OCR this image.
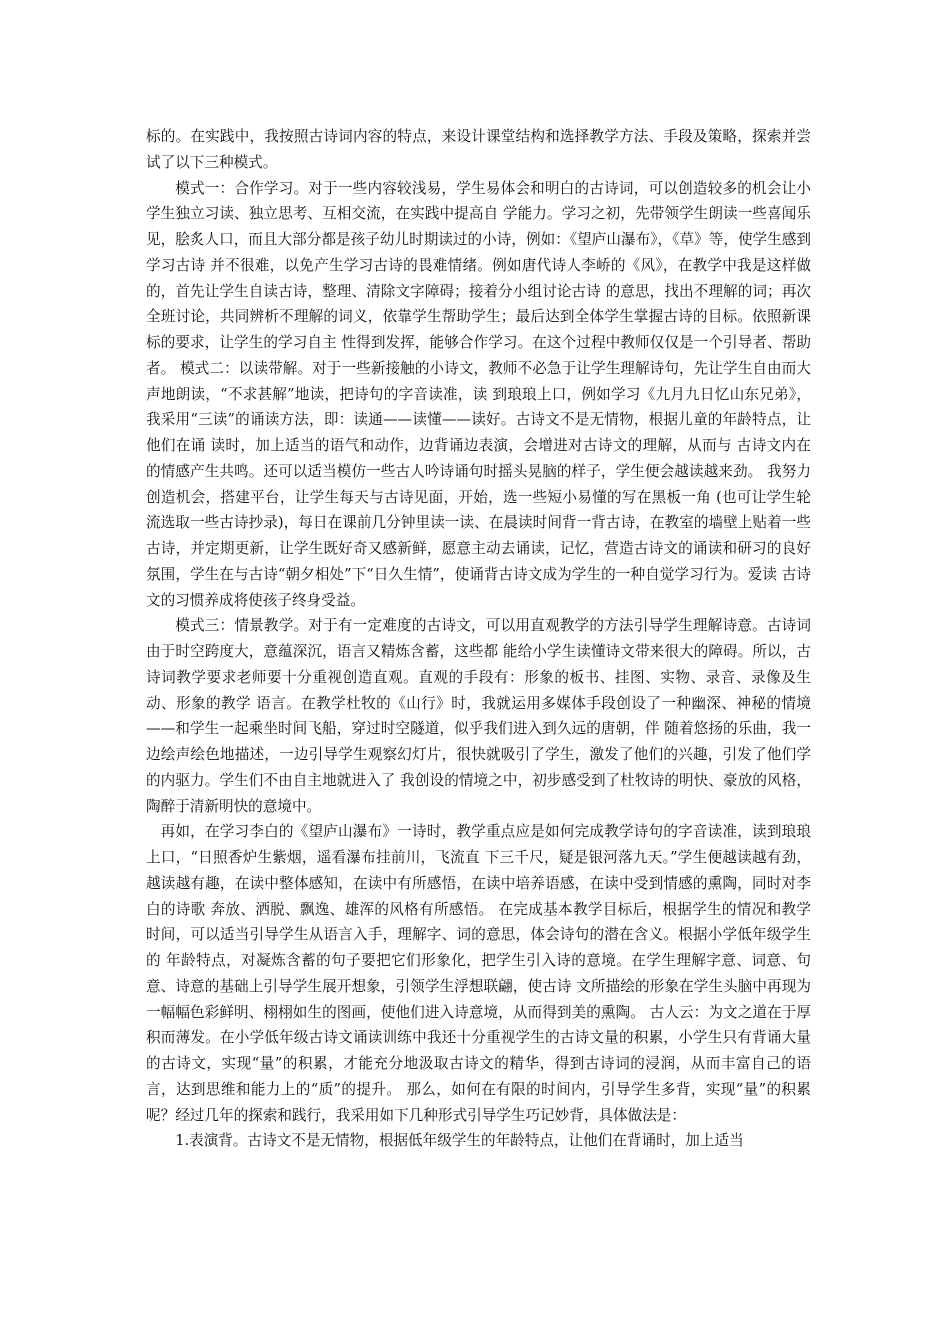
标的。在实践中，我按照古诗词内容的特点，来设计课堂结构和选择教学方法、手段及策略，探索并尝试了以下三种模式。

模式一：合作学习。对于一些内容较浅易，学生易体会和明白的古诗词，可以创造较多的机会让小学生独立习读、独立思考、互相交流，在实践中提高自 学能力。学习之初，先带领学生朗读一些喜闻乐见，脍炙人口，而且大部分都是孩子幼儿时期读过的小诗，例如：《望庐山瀑布》，《草》等，使学生感到学习古诗 并不很难，以免产生学习古诗的畏难情绪。例如唐代诗人李峤的《风》，在教学中我是这样做的，首先让学生自读古诗，整理、清除文字障碍；接着分小组讨论古诗 的意思，找出不理解的词；再次全班讨论，共同辨析不理解的词义，依靠学生帮助学生；最后达到全体学生掌握古诗的目标。依照新课标的要求，让学生的学习自主 性得到发挥，能够合作学习。在这个过程中教师仅仅是一个引导者、帮助者。 模式二：以读带解。对于一些新接触的小诗文，教师不必急于让学生理解诗句，先让学生自由而大声地朗读，“不求甚解”地读，把诗句的字音读准，读 到琅琅上口，例如学习《九月九日忆山东兄弟》，我采用“三读”的诵读方法，即：读通——读懂——读好。古诗文不是无情物，根据儿童的年龄特点，让他们在诵 读时，加上适当的语气和动作，边背诵边表演，会增进对古诗文的理解，从而与 古诗文内在的情感产生共鸣。还可以适当模仿一些古人吟诗诵句时摇头晃脑的样子，学生便会越读越来劲。 我努力创造机会，搭建平台，让学生每天与古诗见面，开始，选一些短小易懂的写在黑板一角 (也可让学生轮流选取一些古诗抄录)，每日在课前几分钟里读一读、在晨读时间背一背古诗，在教室的墙壁上贴着一些古诗，并定期更新，让学生既好奇又感新鲜，愿意主动去诵读，记忆，营造古诗文的诵读和研习的良好氛围，学生在与古诗“朝夕相处”下“日久生情”，使诵背古诗文成为学生的一种自觉学习行为。爱读 古诗文的习惯养成将使孩子终身受益。

模式三：情景教学。对于有一定难度的古诗文，可以用直观教学的方法引导学生理解诗意。古诗词由于时空跨度大，意蕴深沉，语言又精炼含蓄，这些都 能给小学生读懂诗文带来很大的障碍。所以，古诗词教学要求老师要十分重视创造直观。直观的手段有：形象的板书、挂图、实物、录音、录像及生动、形象的教学 语言。在教学杜牧的《山行》时，我就运用多媒体手段创设了一种幽深、神秘的情境——和学生一起乘坐时间飞船，穿过时空隧道，似乎我们进入到久远的唐朝，伴 随着悠扬的乐曲，我一边绘声绘色地描述，一边引导学生观察幻灯片，很快就吸引了学生，激发了他们的兴趣，引发了他们学的内驱力。学生们不由自主地就进入了 我创设的情境之中，初步感受到了杜牧诗的明快、豪放的风格，陶醉于清新明快的意境中。

再如，在学习李白的《望庐山瀑布》一诗时，教学重点应是如何完成教学诗句的字音读准，读到琅琅上口，“日照香炉生紫烟，遥看瀑布挂前川，飞流直 下三千尺，疑是银河落九天。”学生便越读越有劲，越读越有趣，在读中整体感知，在读中有所感悟，在读中培养语感，在读中受到情感的熏陶，同时对李白的诗歌 奔放、洒脱、飘逸、雄浑的风格有所感悟。 在完成基本教学目标后，根据学生的情况和教学时间，可以适当引导学生从语言入手，理解字、词的意思，体会诗句的潜在含义。根据小学低年级学生的 年龄特点，对凝炼含蓄的句子要把它们形象化，把学生引入诗的意境。在学生理解字意、词意、句意、诗意的基础上引导学生展开想象，引领学生浮想联翩，使古诗 文所描绘的形象在学生头脑中再现为一幅幅色彩鲜明、栩栩如生的图画，使他们进入诗意境，从而得到美的熏陶。 古人云：为文之道在于厚积而薄发。在小学低年级古诗文诵读训练中我还十分重视学生的古诗文量的积累，小学生只有背诵大量的古诗文，实现“量”的积累，才能充分地汲取古诗文的精华，得到古诗词的浸润，从而丰富自己的语言，达到思维和能力上的“质”的提升。 那么，如何在有限的时间内，引导学生多背，实现“量”的积累呢？经过几年的探索和践行，我采用如下几种形式引导学生巧记妙背，具体做法是：

1.表演背。古诗文不是无情物，根据低年级学生的年龄特点，让他们在背诵时，加上适当
